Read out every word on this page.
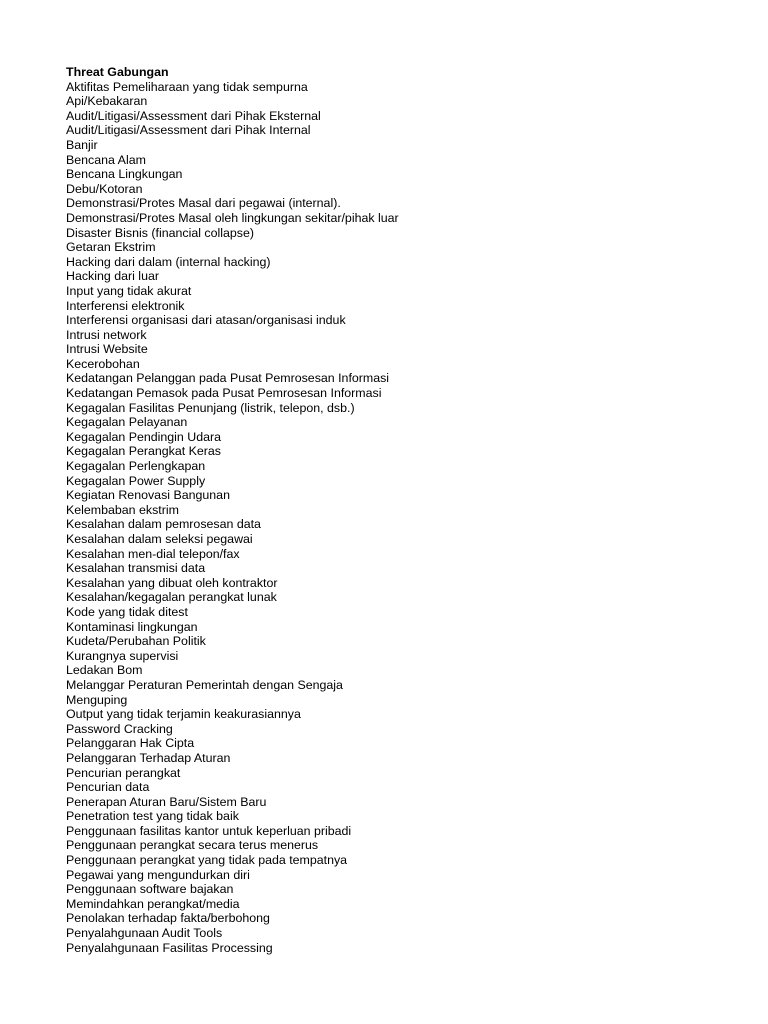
Threat Gabungan
Aktifitas Pemeliharaan yang tidak sempurna
Api/Kebakaran
Audit/Litigasi/Assessment dari Pihak Eksternal
Audit/Litigasi/Assessment dari Pihak Internal
Banjir
Bencana Alam
Bencana Lingkungan
Debu/Kotoran
Demonstrasi/Protes Masal dari pegawai (internal).
Demonstrasi/Protes Masal oleh lingkungan sekitar/pihak luar
Disaster Bisnis (financial collapse)
Getaran Ekstrim
Hacking dari dalam (internal hacking)
Hacking dari luar
Input yang tidak akurat
Interferensi elektronik
Interferensi organisasi dari atasan/organisasi induk
Intrusi network
Intrusi Website
Kecerobohan
Kedatangan Pelanggan pada Pusat Pemrosesan Informasi
Kedatangan Pemasok pada Pusat Pemrosesan Informasi
Kegagalan Fasilitas Penunjang (listrik, telepon, dsb.)
Kegagalan Pelayanan
Kegagalan Pendingin Udara
Kegagalan Perangkat Keras
Kegagalan Perlengkapan
Kegagalan Power Supply
Kegiatan Renovasi Bangunan
Kelembaban ekstrim
Kesalahan dalam pemrosesan data
Kesalahan dalam seleksi pegawai
Kesalahan men-dial telepon/fax
Kesalahan transmisi data
Kesalahan yang dibuat oleh kontraktor
Kesalahan/kegagalan perangkat lunak
Kode yang tidak ditest
Kontaminasi lingkungan
Kudeta/Perubahan Politik
Kurangnya supervisi
Ledakan Bom
Melanggar Peraturan Pemerintah dengan Sengaja
Menguping
Output yang tidak terjamin keakurasiannya
Password Cracking
Pelanggaran Hak Cipta
Pelanggaran Terhadap Aturan
Pencurian perangkat
Pencurian data
Penerapan Aturan Baru/Sistem Baru
Penetration test yang tidak baik
Penggunaan fasilitas kantor untuk keperluan pribadi
Penggunaan perangkat secara terus menerus
Penggunaan perangkat yang tidak pada tempatnya
Pegawai yang mengundurkan diri
Penggunaan software bajakan
Memindahkan perangkat/media
Penolakan terhadap fakta/berbohong
Penyalahgunaan Audit Tools
Penyalahgunaan Fasilitas Processing
